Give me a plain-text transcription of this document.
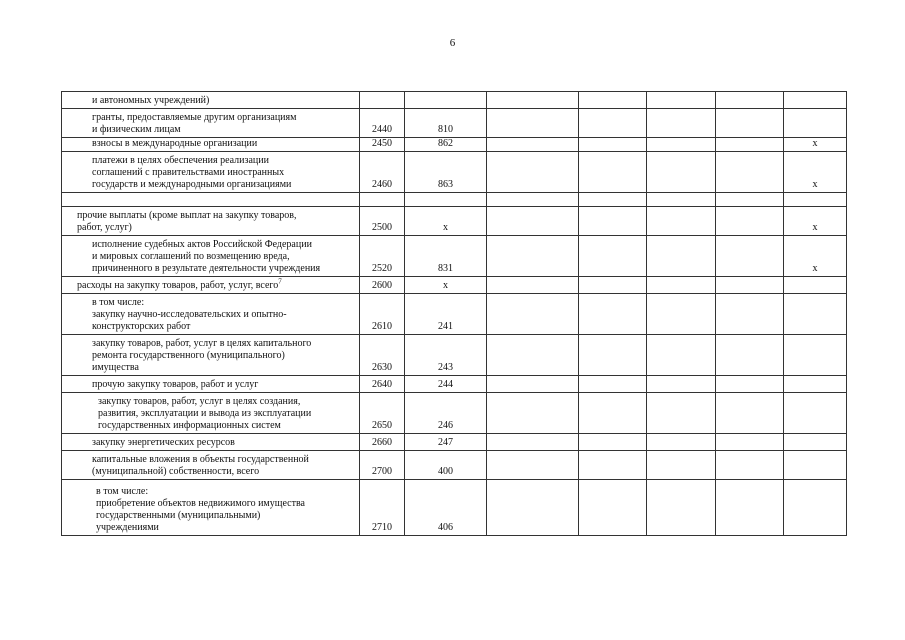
6
и автономных учреждений)							

гранты, предоставляемые другим организациям
и физическим лицам	2440	810					

взносы в международные организации	2450	862					x

платежи в целях обеспечения реализации
соглашений с правительствами иностранных
государств и международными организациями	2460	863					x

прочие выплаты (кроме выплат на закупку товаров,
работ, услуг)	2500	x					x

исполнение судебных актов Российской Федерации
и мировых соглашений по возмещению вреда,
причиненного в результате деятельности учреждения	2520	831					x

расходы на закупку товаров, работ, услуг, всего$^7$	2600	x					

в том числе:
закупку научно-исследовательских и опытно-
конструкторских работ	2610	241					

закупку товаров, работ, услуг в целях капитального
ремонта государственного (муниципального)
имущества	2630	243					

прочую закупку товаров, работ и услуг	2640	244					

закупку товаров, работ, услуг в целях создания,
развития, эксплуатации и вывода из эксплуатации
государственных информационных систем	2650	246					

закупку энергетических ресурсов	2660	247					

капитальные вложения в объекты государственной
(муниципальной) собственности, всего	2700	400					

в том числе:
приобретение объектов недвижимого имущества
государственными (муниципальными)
учреждениями	2710	406					
